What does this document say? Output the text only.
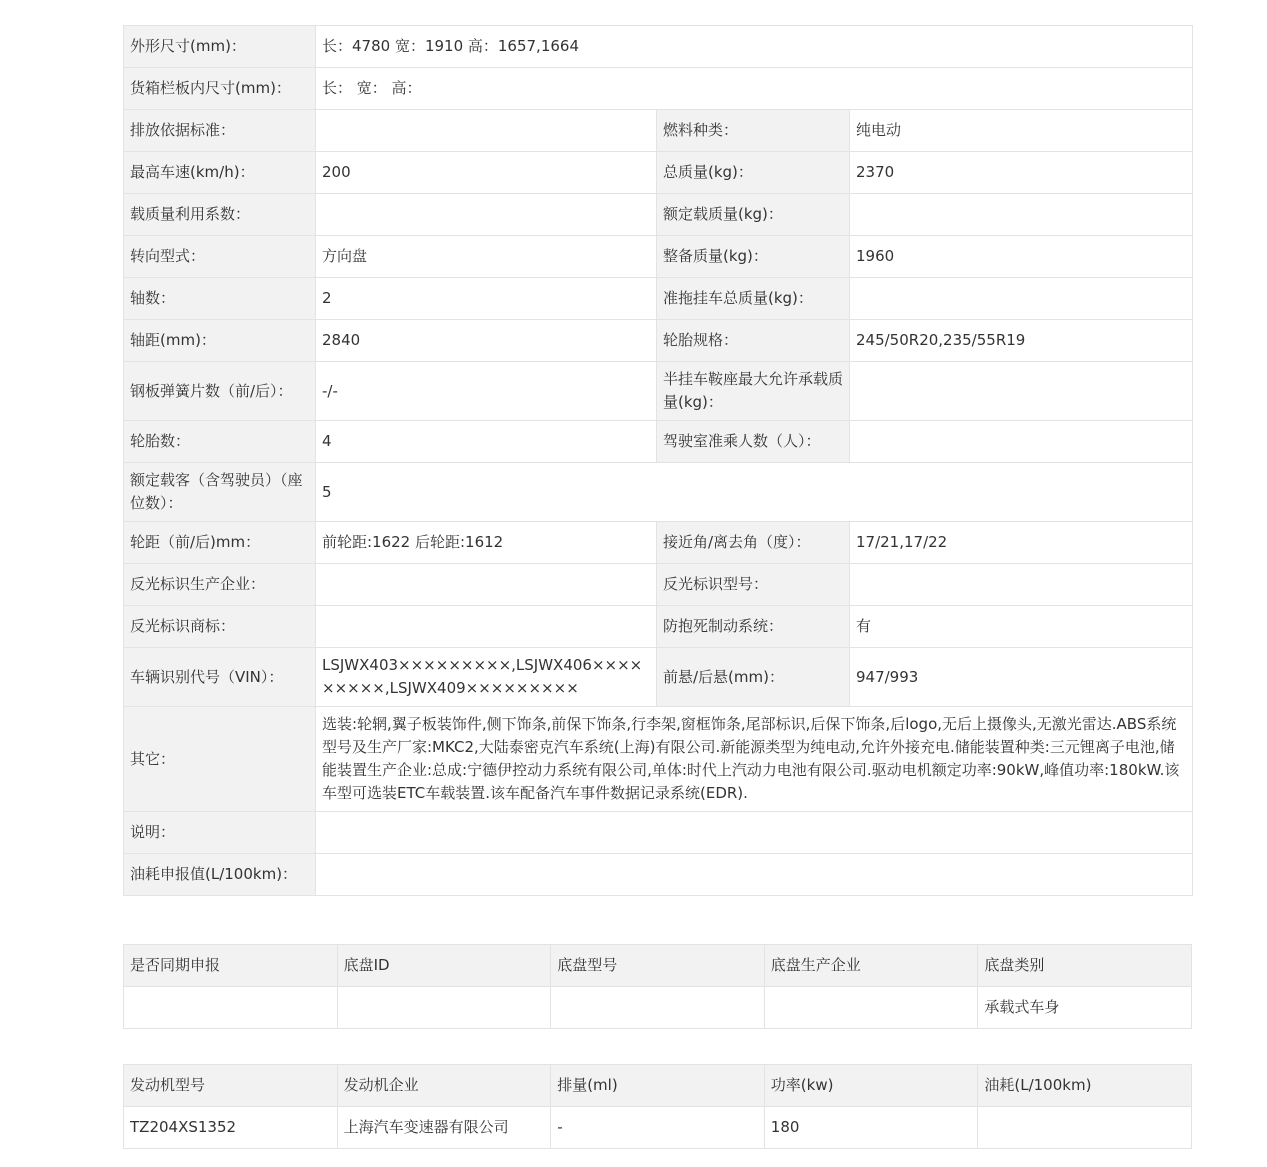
外形尺寸(mm)：	长：4780 宽：1910 高：1657,1664		
货箱栏板内尺寸(mm)：	长： 宽： 高：		
排放依据标准：		燃料种类：	纯电动
最高车速(km/h)：	200	总质量(kg)：	2370
载质量利用系数：		额定载质量(kg)：	
转向型式：	方向盘	整备质量(kg)：	1960
轴数：	2	准拖挂车总质量(kg)：	
轴距(mm)：	2840	轮胎规格：	245/50R20,235/55R19
钢板弹簧片数（前/后）：	-/-	半挂车鞍座最大允许承载质量(kg)：	
轮胎数：	4	驾驶室准乘人数（人）：	
额定载客（含驾驶员）（座位数）：	5		
轮距（前/后)mm：	前轮距:1622 后轮距:1612	接近角/离去角（度）：	17/21,17/22
反光标识生产企业：		反光标识型号：	
反光标识商标：		防抱死制动系统：	有
车辆识别代号（VIN）：	LSJWX403×××××××××,LSJWX406×××××××××,LSJWX409×××××××××	前悬/后悬(mm)：	947/993
其它：	选装:轮辋,翼子板装饰件,侧下饰条,前保下饰条,行李架,窗框饰条,尾部标识,后保下饰条,后logo,无后上摄像头,无激光雷达.ABS系统型号及生产厂家:MKC2,大陆泰密克汽车系统(上海)有限公司.新能源类型为纯电动,允许外接充电.储能装置种类:三元锂离子电池,储能装置生产企业:总成:宁德伊控动力系统有限公司,单体:时代上汽动力电池有限公司.驱动电机额定功率:90kW,峰值功率:180kW.该车型可选装ETC车载装置.该车配备汽车事件数据记录系统(EDR).		
说明：			
油耗申报值(L/100km)：			
是否同期申报	底盘ID	底盘型号	底盘生产企业	底盘类别
				承载式车身
发动机型号	发动机企业	排量(ml)	功率(kw)	油耗(L/100km)
TZ204XS1352	上海汽车变速器有限公司	-	180	
